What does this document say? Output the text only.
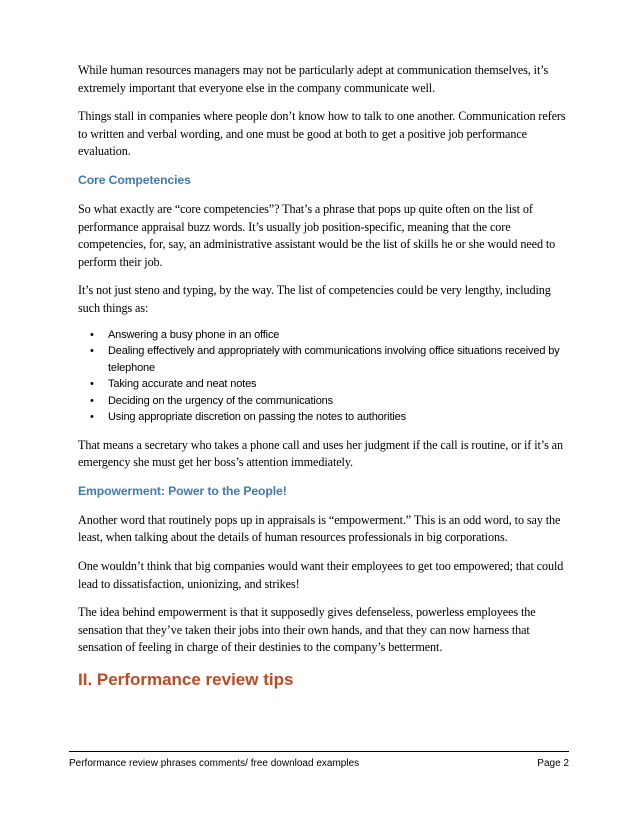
While human resources managers may not be particularly adept at communication themselves, it’s extremely important that everyone else in the company communicate well.

Things stall in companies where people don’t know how to talk to one another. Communication refers to written and verbal wording, and one must be good at both to get a positive job performance evaluation.

Core Competencies

So what exactly are “core competencies”? That’s a phrase that pops up quite often on the list of performance appraisal buzz words. It’s usually job position-specific, meaning that the core competencies, for, say, an administrative assistant would be the list of skills he or she would need to perform their job.

It’s not just steno and typing, by the way. The list of competencies could be very lengthy, including such things as:

• Answering a busy phone in an office
• Dealing effectively and appropriately with communications involving office situations received by telephone
• Taking accurate and neat notes
• Deciding on the urgency of the communications
• Using appropriate discretion on passing the notes to authorities

That means a secretary who takes a phone call and uses her judgment if the call is routine, or if it’s an emergency she must get her boss’s attention immediately.

Empowerment: Power to the People!

Another word that routinely pops up in appraisals is “empowerment.” This is an odd word, to say the least, when talking about the details of human resources professionals in big corporations.

One wouldn’t think that big companies would want their employees to get too empowered; that could lead to dissatisfaction, unionizing, and strikes!

The idea behind empowerment is that it supposedly gives defenseless, powerless employees the sensation that they’ve taken their jobs into their own hands, and that they can now harness that sensation of feeling in charge of their destinies to the company’s betterment.

II. Performance review tips
Performance review phrases comments/ free download examples	Page 2
